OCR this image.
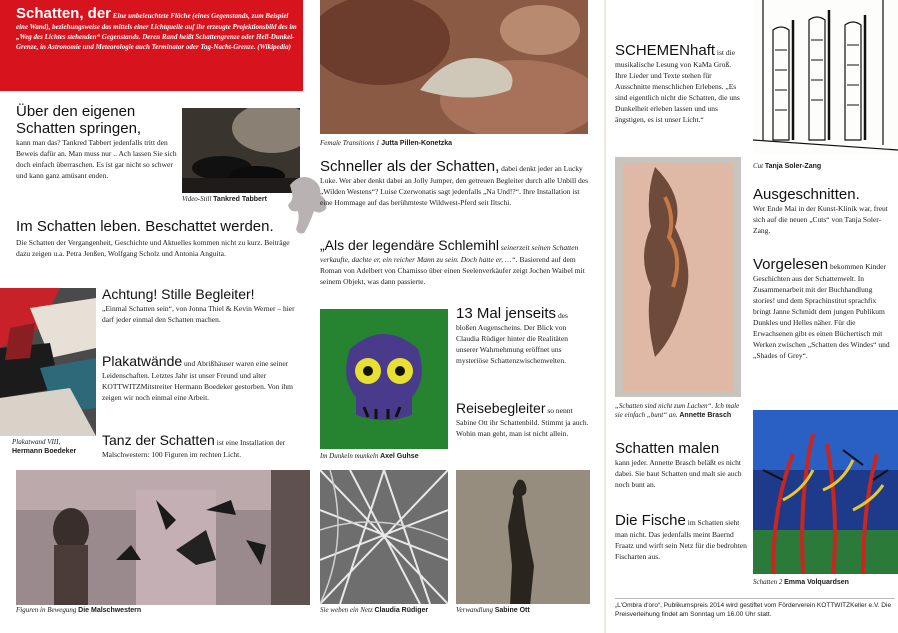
Schatten, der Eine unbeleuchtete Fläche (eines Gegenstands, zum Beispiel eine Wand), beziehungsweise das mittels einer Lichtquelle auf ihr erzeugte Projektionsbild des im „Weg des Lichtes stehenden“ Gegenstands. Deren Rand heißt Schattengrenze oder Hell-Dunkel-Grenze, in Astronomie und Meteorologie auch Terminator oder Tag-Nacht-Grenze. (Wikipedia)
Über den eigenen Schatten springen,
kann man das? Tankred Tabbert jedenfalls tritt den Beweis dafür an. Man muss nur .. Ach lassen Sie sich doch einfach überraschen. Es ist gar nicht so schwer und kann ganz amüsant enden.
Video-Still Tankred Tabbert
Im Schatten leben. Beschattet werden.
Die Schatten der Vergangenheit, Geschichte und Aktuelles kommen nicht zu kurz. Beiträge dazu zeigen u.a. Petra Jenßen, Wolfgang Scholz und Antonia Anguita.
Plakatwand VIII,
Hermann Boedeker
Achtung! Stille Begleiter!
„Einmal Schatten sein“, von Jonna Thiel & Kevin Werner – hier darf jeder einmal den Schatten machen.
Plakatwände und Abrißhäuser waren eine seiner Leidenschaften. Letztes Jahr ist unser Freund und alter KOTTWITZMitstreiter Hermann Boedeker gestorben. Von ihm zeigen wir noch einmal eine Arbeit.
Tanz der Schatten ist eine Installation der Malschwestern: 100 Figuren im rechten Licht.
Figuren in Bewegung Die Malschwestern
Female Transitions 1 Jutta Pillen-Konetzka
Schneller als der Schatten, dabei denkt jeder an Lucky Luke. Wer aber denkt dabei an Jolly Jumper, den getreuen Begleiter durch alle Unbill des „Wilden Westens“? Luise Czerwonatis sagt jedenfalls „Na Und!?“. Ihre Installation ist eine Hommage auf das berühmteste Wildwest-Pferd seit Iltschi.
„Als der legendäre Schlemihl seinerzeit seinen Schatten verkaufte, dachte er, ein reicher Mann zu sein. Doch hatte er, …“. Basierend auf dem Roman von Adelbert von Chamisso über einen Seelenverkäufer zeigt Jochen Waibel mit seinem Objekt, was dann passierte.
Im Dunkeln munkeln Axel Guhse
13 Mal jenseits des bloßen Augenscheins. Der Blick von Claudia Rüdiger hinter die Realitäten unserer Wahrnehmung eröffnet uns mysteriöse Schattenzwischenwelten.
Reisebegleiter so nennt Sabine Ott ihr Schattenbild. Stimmt ja auch. Wohin man geht, man ist nicht allein.
Sie weben ein Netz Claudia Rüdiger	Verwandlung Sabine Ott
SCHEMENhaft ist die musikalische Lesung von KaMa Groß. Ihre Lieder und Texte stehen für Ausschnitte menschlichen Erlebens. „Es sind eigentlich nicht die Schatten, die uns Dunkelheit erleben lassen und uns ängstigen, es ist unser Licht.“
„Schatten sind nicht zum Lachen“. Ich male sie einfach „bunt“ an. Annette Brasch
Schatten malen
kann jeder. Annette Brasch beläßt es nicht dabei. Sie baut Schatten und malt sie auch noch bunt an.
Die Fische im Schatten sieht man nicht. Das jedenfalls meint Baernd Fraatz und wirft sein Netz für die bedrohten Fischarten aus.
Cut Tanja Soler-Zang
Ausgeschnitten.
Wer Ende Mai in der Kunst-Klinik war, freut sich auf die neuen „Cuts“ von Tanja Soler-Zang.
Vorgelesen bekommen Kinder Geschichten aus der Schattenwelt. In Zusammenarbeit mit der Buchhandlung stories! und dem Sprachinstitut sprachfix bringt Janne Schmidt dem jungen Publikum Dunkles und Helles näher. Für die Erwachsenen gibt es einen Büchertisch mit Werken zwischen „Schatten des Windes“ und „Shades of Grey“.
Schatten 2 Emma Volquardsen
„L'Ombra d'oro“, Publikumspreis 2014 wird gestiftet vom Förderverein KOTTWITZKeller e.V. Die Preisverleihung findet am Sonntag um 16.00 Uhr statt.
